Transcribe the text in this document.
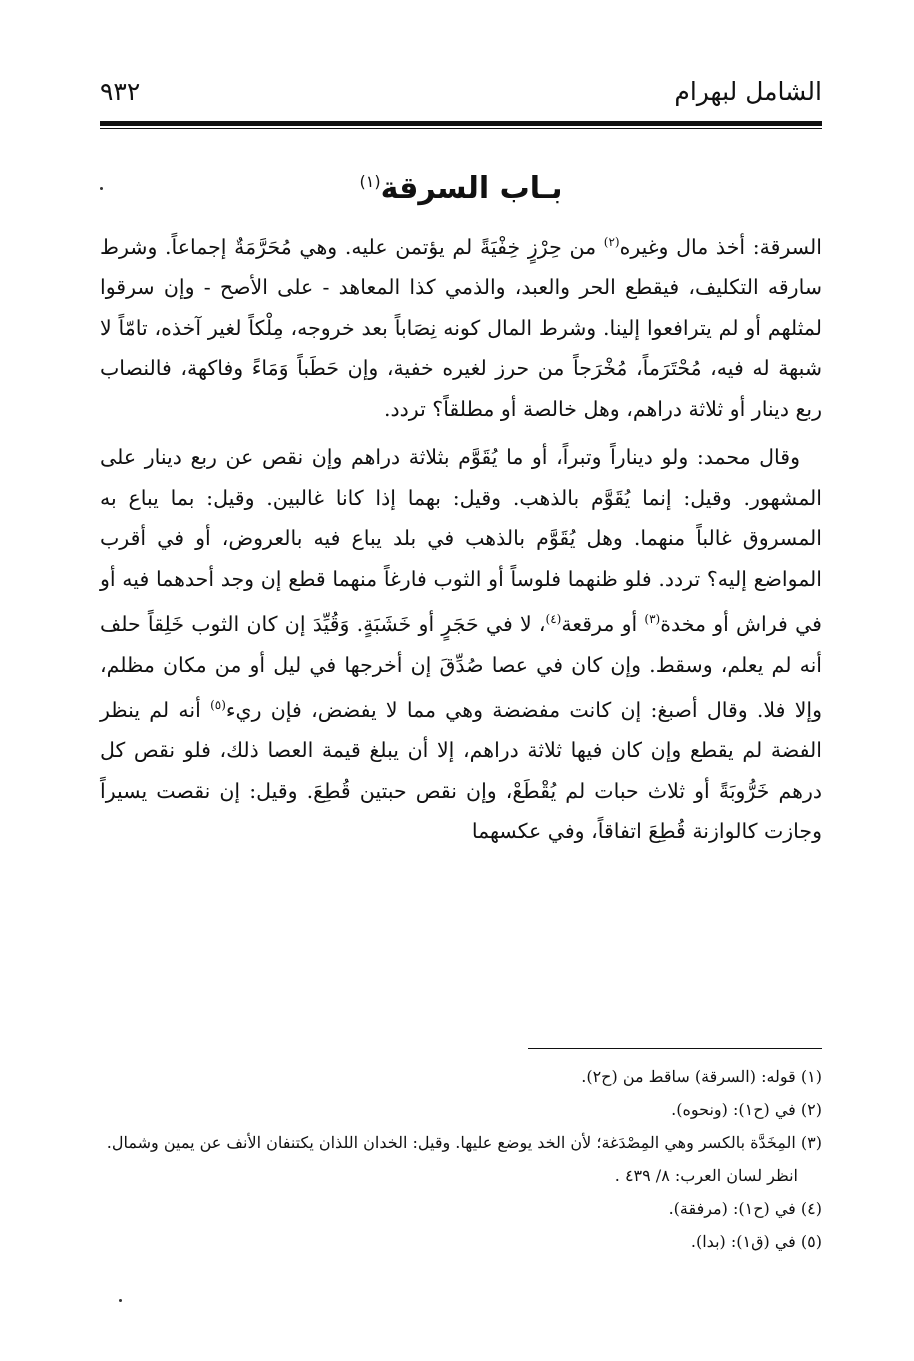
الشامل لبهرام
٩٣٢
بـاب السرقة$^{(١)}$

السرقة: أخذ مال وغيره$^{(٢)}$ من حِرْزٍ خِفْيَةً لم يؤتمن عليه. وهي مُحَرَّمَةٌ إجماعاً. وشرط سارقه التكليف، فيقطع الحر والعبد، والذمي كذا المعاهد - على الأصح - وإن سرقوا لمثلهم أو لم يترافعوا إلينا. وشرط المال كونه نِصَاباً بعد خروجه، مِلْكاً لغير آخذه، تامّاً لا شبهة له فيه، مُحْتَرَماً، مُخْرَجاً من حرز لغيره خفية، وإن حَطَباً وَمَاءً وفاكهة، فالنصاب ربع دينار أو ثلاثة دراهم، وهل خالصة أو مطلقاً؟ تردد.

وقال محمد: ولو ديناراً وتبراً، أو ما يُقَوَّم بثلاثة دراهم وإن نقص عن ربع دينار على المشهور. وقيل: إنما يُقَوَّم بالذهب. وقيل: بهما إذا كانا غالبين. وقيل: بما يباع به المسروق غالباً منهما. وهل يُقَوَّم بالذهب في بلد يباع فيه بالعروض، أو في أقرب المواضع إليه؟ تردد. فلو ظنهما فلوساً أو الثوب فارغاً منهما قطع إن وجد أحدهما فيه أو في فراش أو مخدة$^{(٣)}$ أو مرقعة$^{(٤)}$، لا في حَجَرٍ أو خَشَبَةٍ. وَقُيِّدَ إن كان الثوب خَلِقاً حلف أنه لم يعلم، وسقط. وإن كان في عصا صُدِّقَ إن أخرجها في ليل أو من مكان مظلم، وإلا فلا. وقال أصبغ: إن كانت مفضضة وهي مما لا يفضض، فإن ريء$^{(٥)}$ أنه لم ينظر الفضة لم يقطع وإن كان فيها ثلاثة دراهم، إلا أن يبلغ قيمة العصا ذلك، فلو نقص كل درهم خَرُّوبَةً أو ثلاث حبات لم يُقْطَعْ، وإن نقص حبتين قُطِعَ. وقيل: إن نقصت يسيراً وجازت كالوازنة قُطِعَ اتفاقاً، وفي عكسهما

(١) قوله: (السرقة) ساقط من (ح٢).
(٢) في (ح١): (ونحوه).
(٣) المِخَدَّة بالكسر وهي المِصْدَغة؛ لأن الخد يوضع عليها. وقيل: الخدان اللذان يكتنفان الأنف عن يمين وشمال.
انظر لسان العرب: ٨/ ٤٣٩ .
(٤) في (ح١): (مرفقة).
(٥) في (ق١): (بدا).
